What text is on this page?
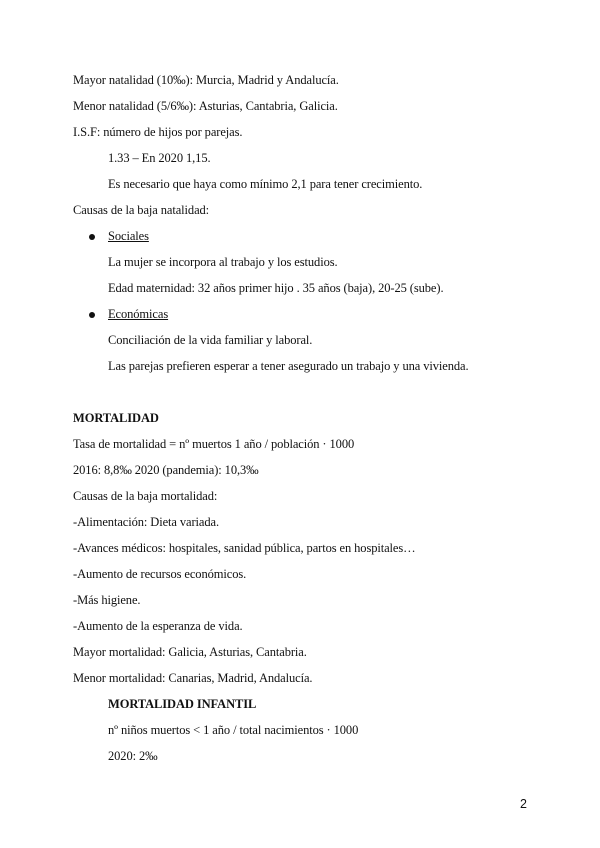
Mayor natalidad (10‰): Murcia, Madrid y Andalucía.
Menor natalidad (5/6‰): Asturias, Cantabria, Galicia.
I.S.F: número de hijos por parejas.
1.33 – En 2020 1,15.
Es necesario que haya como mínimo 2,1 para tener crecimiento.
Causas de la baja natalidad:
Sociales
La mujer se incorpora al trabajo y los estudios.
Edad maternidad: 32 años primer hijo . 35 años (baja), 20-25 (sube).
Económicas
Conciliación de la vida familiar y laboral.
Las parejas prefieren esperar a tener asegurado un trabajo y una vivienda.
MORTALIDAD
Tasa de mortalidad = nº muertos 1 año / población · 1000
2016: 8,8‰ 2020 (pandemia): 10,3‰
Causas de la baja mortalidad:
-Alimentación: Dieta variada.
-Avances médicos: hospitales, sanidad pública, partos en hospitales…
-Aumento de recursos económicos.
-Más higiene.
-Aumento de la esperanza de vida.
Mayor mortalidad: Galicia, Asturias, Cantabria.
Menor mortalidad: Canarias, Madrid, Andalucía.
MORTALIDAD INFANTIL
nº niños muertos < 1 año / total nacimientos · 1000
2020: 2‰
2
